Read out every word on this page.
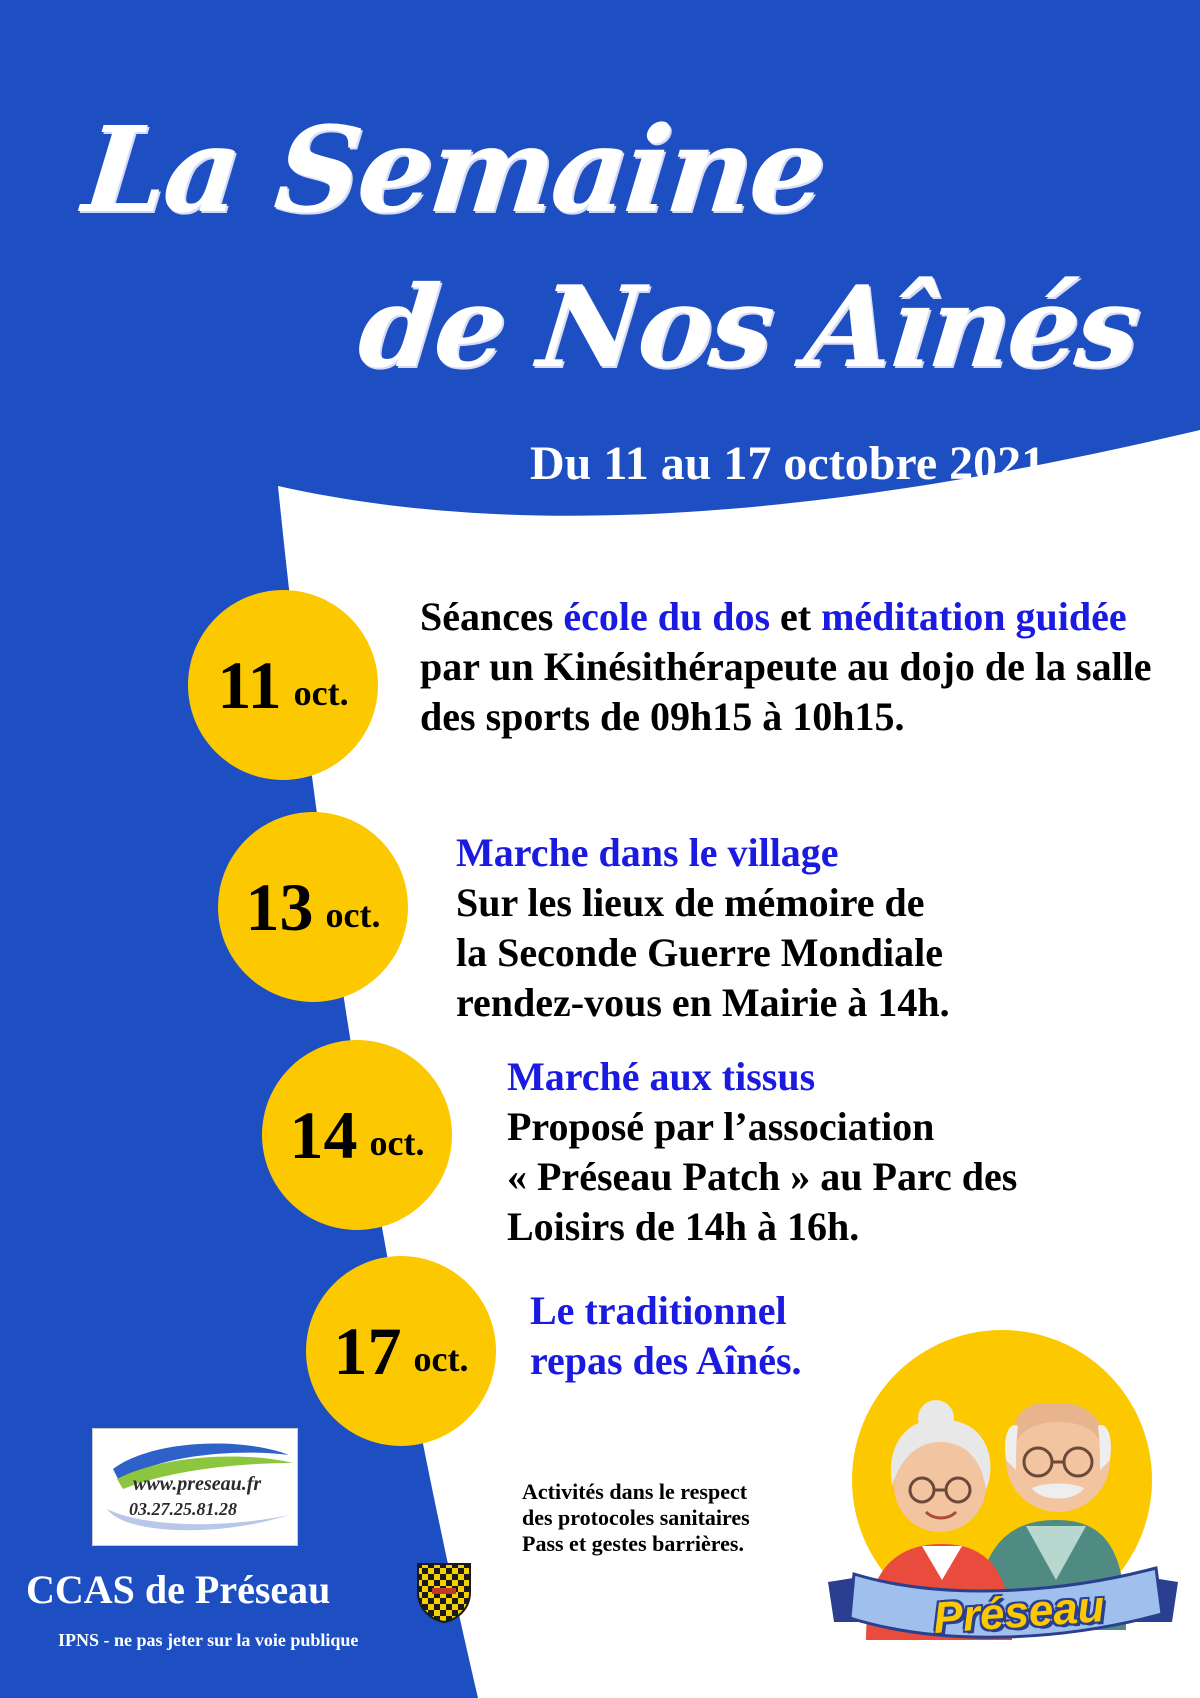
La Semaine
de Nos Aînés
Du 11 au 17 octobre 2021
11 oct.
Séances école du dos et méditation guidée par un Kinésithérapeute au dojo de la salle des sports de 09h15 à 10h15.
13 oct.
Marche dans le village
Sur les lieux de mémoire de
la Seconde Guerre Mondiale
rendez-vous en Mairie à 14h.
14 oct.
Marché aux tissus
Proposé par l’association
« Préseau Patch » au Parc des
Loisirs de 14h à 16h.
17 oct.
Le traditionnel
repas des Aînés.
Activités dans le respect
des protocoles sanitaires
Pass et gestes barrières.
www.preseau.fr
03.27.25.81.28
CCAS de Préseau
IPNS - ne pas jeter sur la voie publique	Préseau
